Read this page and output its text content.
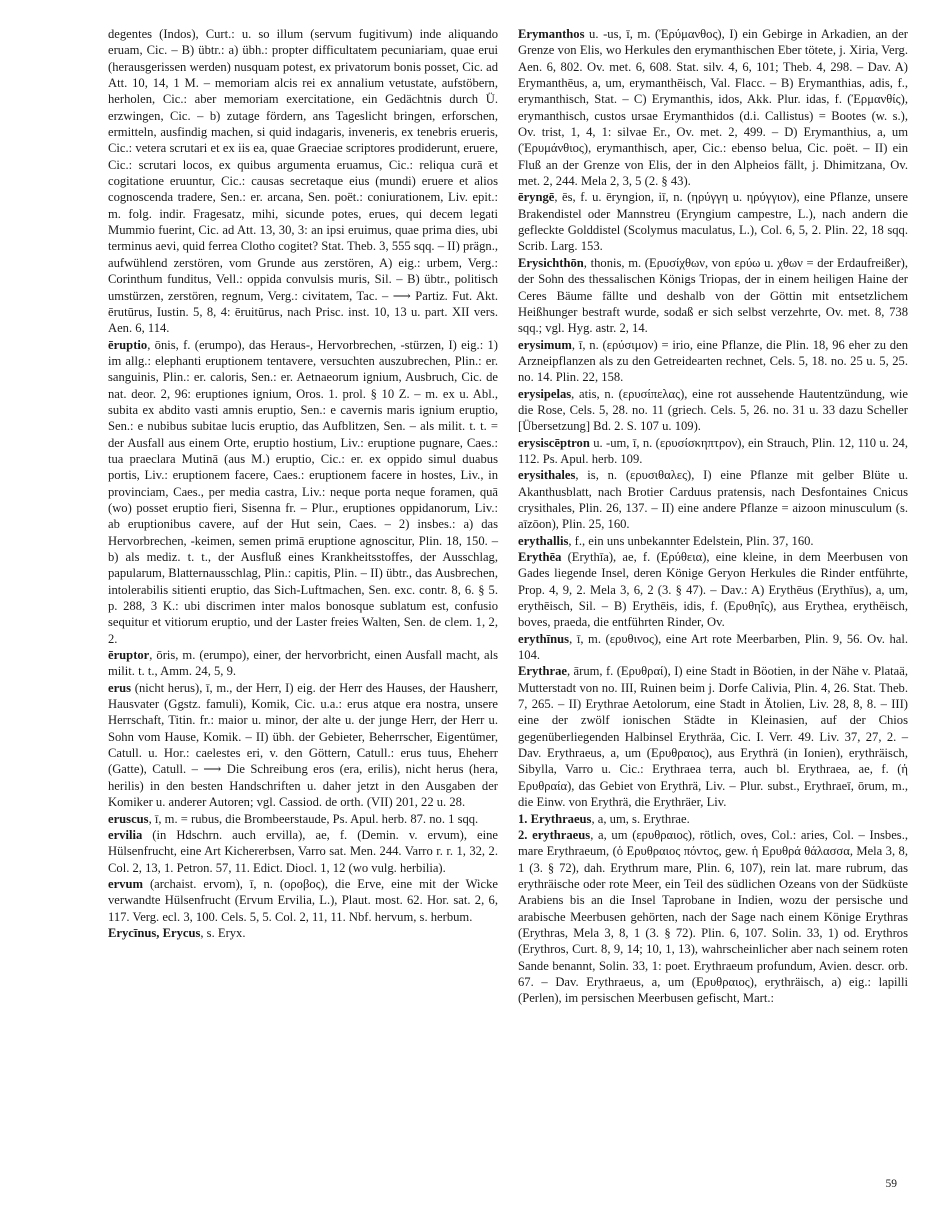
degentes (Indos), Curt.: u. so illum (servum fugitivum) inde aliquando eruam, Cic. – B) übtr.: a) übh.: propter difficultatem pecuniariam, quae erui (herausgerissen werden) nusquam potest, ex privatorum bonis posset, Cic. ad Att. 10, 14, 1 M. – memoriam alcis rei ex annalium vetustate, aufstöbern, herholen, Cic.: aber memoriam exercitatione, ein Gedächtnis durch Ü. erzwingen, Cic. – b) zutage fördern, ans Tageslicht bringen, erforschen, ermitteln, ausfindig machen, si quid indagaris, inveneris, ex tenebris erueris, Cic.: vetera scrutari et ex iis ea, quae Graeciae scriptores prodiderunt, eruere, Cic.: scrutari locos, ex quibus argumenta eruamus, Cic.: reliqua curā et cogitatione eruuntur, Cic.: causas secretaque eius (mundi) eruere et alios cognoscenda tradere, Sen.: er. arcana, Sen. poët.: coniurationem, Liv. epit.: m. folg. indir. Fragesatz, mihi, sicunde potes, erues, qui decem legati Mummio fuerint, Cic. ad Att. 13, 30, 3: an ipsi eruimus, quae prima dies, ubi terminus aevi, quid ferrea Clotho cogitet? Stat. Theb. 3, 555 sqq. – II) prägn., aufwühlend zerstören, vom Grunde aus zerstören, A) eig.: urbem, Verg.: Corinthum funditus, Vell.: oppida convulsis muris, Sil. – B) übtr., politisch umstürzen, zerstören, regnum, Verg.: civitatem, Tac. – ⟶ Partiz. Fut. Akt. ērutūrus, Iustin. 5, 8, 4: ēruitūrus, nach Prisc. inst. 10, 13 u. part. XII vers. Aen. 6, 114.

ēruptio, ōnis, f. (erumpo), das Heraus-, Hervorbrechen, -stürzen, I) eig.: 1) im allg.: elephanti eruptionem tentavere, versuchten auszubrechen, Plin.: er. sanguinis, Plin.: er. caloris, Sen.: er. Aetnaeorum ignium, Ausbruch, Cic. de nat. deor. 2, 96: eruptiones ignium, Oros. 1. prol. § 10 Z. – m. ex u. Abl., subita ex abdito vasti amnis eruptio, Sen.: e cavernis maris ignium eruptio, Sen.: e nubibus subitae lucis eruptio, das Aufblitzen, Sen. – als milit. t. t. = der Ausfall aus einem Orte, eruptio hostium, Liv.: eruptione pugnare, Caes.: tua praeclara Mutinā (aus M.) eruptio, Cic.: er. ex oppido simul duabus portis, Liv.: eruptionem facere, Caes.: eruptionem facere in hostes, Liv., in provinciam, Caes., per media castra, Liv.: neque porta neque foramen, quā (wo) posset eruptio fieri, Sisenna fr. – Plur., eruptiones oppidanorum, Liv.: ab eruptionibus cavere, auf der Hut sein, Caes. – 2) insbes.: a) das Hervorbrechen, -keimen, semen primā eruptione agnoscitur, Plin. 18, 150. – b) als mediz. t. t., der Ausfluß eines Krankheitsstoffes, der Ausschlag, papularum, Blatternausschlag, Plin.: capitis, Plin. – II) übtr., das Ausbrechen, intolerabilis sitienti eruptio, das Sich-Luftmachen, Sen. exc. contr. 8, 6. § 5. p. 288, 3 K.: ubi discrimen inter malos bonosque sublatum est, confusio sequitur et vitiorum eruptio, und der Laster freies Walten, Sen. de clem. 1, 2, 2.

ēruptor, ōris, m. (erumpo), einer, der hervorbricht, einen Ausfall macht, als milit. t. t., Amm. 24, 5, 9.

erus (nicht herus), ī, m., der Herr, I) eig. der Herr des Hauses, der Hausherr, Hausvater (Ggstz. famuli), Komik, Cic. u.a.: erus atque era nostra, unsere Herrschaft, Titin. fr.: maior u. minor, der alte u. der junge Herr, der Herr u. Sohn vom Hause, Komik. – II) übh. der Gebieter, Beherrscher, Eigentümer, Catull. u. Hor.: caelestes eri, v. den Göttern, Catull.: erus tuus, Eheherr (Gatte), Catull. – ⟶ Die Schreibung eros (era, erilis), nicht herus (hera, herilis) in den besten Handschriften u. daher jetzt in den Ausgaben der Komiker u. anderer Autoren; vgl. Cassiod. de orth. (VII) 201, 22 u. 28.

eruscus, ī, m. = rubus, die Brombeerstaude, Ps. Apul. herb. 87. no. 1 sqq.

ervilia (in Hdschrn. auch ervilla), ae, f. (Demin. v. ervum), eine Hülsenfrucht, eine Art Kichererbsen, Varro sat. Men. 244. Varro r. r. 1, 32, 2. Col. 2, 13, 1. Petron. 57, 11. Edict. Diocl. 1, 12 (wo vulg. herbilia).

ervum (archaist. ervom), ī, n. (οροβος), die Erve, eine mit der Wicke verwandte Hülsenfrucht (Ervum Ervilia, L.), Plaut. most. 62. Hor. sat. 2, 6, 117. Verg. ecl. 3, 100. Cels. 5, 5. Col. 2, 11, 11. Nbf. hervum, s. herbum.

Erycīnus, Erycus, s. Eryx.

Erymanthos u. -us, ī, m. (Ἐρύμανθος), I) ein Gebirge in Arkadien, an der Grenze von Elis, wo Herkules den erymanthischen Eber tötete, j. Xiria, Verg. Aen. 6, 802. Ov. met. 6, 608. Stat. silv. 4, 6, 101; Theb. 4, 298. – Dav. A) Erymanthēus, a, um, erymanthēisch, Val. Flacc. – B) Erymanthias, adis, f., erymanthisch, Stat. – C) Erymanthis, idos, Akk. Plur. idas, f. (Ἐρμανθίς), erymanthisch, custos ursae Erymanthidos (d.i. Callistus) = Bootes (w. s.), Ov. trist, 1, 4, 1: silvae Er., Ov. met. 2, 499. – D) Erymanthius, a, um (Ἐρυμάνθιος), erymanthisch, aper, Cic.: ebenso belua, Cic. poët. – II) ein Fluß an der Grenze von Elis, der in den Alpheios fällt, j. Dhimitzana, Ov. met. 2, 244. Mela 2, 3, 5 (2. § 43).

ēryngē, ēs, f. u. ēryngion, iī, n. (ηρύγγη u. ηρύγγιον), eine Pflanze, unsere Brakendistel oder Mannstreu (Eryngium campestre, L.), nach andern die gefleckte Golddistel (Scolymus maculatus, L.), Col. 6, 5, 2. Plin. 22, 18 sqq. Scrib. Larg. 153.

Erysichthōn, thonis, m. (Ερυσίχθων, von ερύω u. χθων = der Erdaufreißer), der Sohn des thessalischen Königs Triopas, der in einem heiligen Haine der Ceres Bäume fällte und deshalb von der Göttin mit entsetzlichem Heißhunger bestraft wurde, sodaß er sich selbst verzehrte, Ov. met. 8, 738 sqq.; vgl. Hyg. astr. 2, 14.

erysimum, ī, n. (ερύσιμον) = irio, eine Pflanze, die Plin. 18, 96 eher zu den Arzneipflanzen als zu den Getreidearten rechnet, Cels. 5, 18. no. 25 u. 5, 25. no. 14. Plin. 22, 158.

erysipelas, atis, n. (ερυσίπελας), eine rot aussehende Hautentzündung, wie die Rose, Cels. 5, 28. no. 11 (griech. Cels. 5, 26. no. 31 u. 33 dazu Scheller [Übersetzung] Bd. 2. S. 107 u. 109).

erysiscēptron u. -um, ī, n. (ερυσίσκηπτρον), ein Strauch, Plin. 12, 110 u. 24, 112. Ps. Apul. herb. 109.

erysithales, is, n. (ερυσιθαλες), I) eine Pflanze mit gelber Blüte u. Akanthusblatt, nach Brotier Carduus pratensis, nach Desfontaines Cnicus crysithales, Plin. 26, 137. – II) eine andere Pflanze = aizoon minusculum (s. aīzōon), Plin. 25, 160.

erythallis, f., ein uns unbekannter Edelstein, Plin. 37, 160.

Erythēa (Erythīa), ae, f. (Ερύθεια), eine kleine, in dem Meerbusen von Gades liegende Insel, deren Könige Geryon Herkules die Rinder entführte, Prop. 4, 9, 2. Mela 3, 6, 2 (3. § 47). – Dav.: A) Erythēus (Erythīus), a, um, erythēisch, Sil. – B) Erythēis, idis, f. (Ερυθηΐς), aus Erythea, erythēisch, boves, praeda, die entführten Rinder, Ov.

erythīnus, ī, m. (ερυθινος), eine Art rote Meerbarben, Plin. 9, 56. Ov. hal. 104.

Erythrae, ārum, f. (Ερυθραί), I) eine Stadt in Böotien, in der Nähe v. Plataä, Mutterstadt von no. III, Ruinen beim j. Dorfe Calivia, Plin. 4, 26. Stat. Theb. 7, 265. – II) Erythrae Aetolorum, eine Stadt in Ätolien, Liv. 28, 8, 8. – III) eine der zwölf ionischen Städte in Kleinasien, auf der Chios gegenüberliegenden Halbinsel Erythräa, Cic. I. Verr. 49. Liv. 37, 27, 2. – Dav. Erythraeus, a, um (Ερυθραιος), aus Erythrä (in Ionien), erythräisch, Sibylla, Varro u. Cic.: Erythraea terra, auch bl. Erythraea, ae, f. (ἡ Ερυθραία), das Gebiet von Erythrä, Liv. – Plur. subst., Erythraeī, ōrum, m., die Einw. von Erythrä, die Erythräer, Liv.

1. Erythraeus, a, um, s. Erythrae.

2. erythraeus, a, um (ερυθραιος), rötlich, oves, Col.: aries, Col. – Insbes., mare Erythraeum, (ὁ Ερυθραιος πόντος, gew. ἡ Ερυθρά θάλασσα, Mela 3, 8, 1 (3. § 72), dah. Erythrum mare, Plin. 6, 107), rein lat. mare rubrum, das erythräische oder rote Meer, ein Teil des südlichen Ozeans von der Südküste Arabiens bis an die Insel Taprobane in Indien, wozu der persische und arabische Meerbusen gehörten, nach der Sage nach einem Könige Erythras (Erythras, Mela 3, 8, 1 (3. § 72). Plin. 6, 107. Solin. 33, 1) od. Erythros (Erythros, Curt. 8, 9, 14; 10, 1, 13), wahrscheinlicher aber nach seinem roten Sande benannt, Solin. 33, 1: poet. Erythraeum profundum, Avien. descr. orb. 67. – Dav. Erythraeus, a, um (Ερυθραιος), erythräisch, a) eig.: lapilli (Perlen), im persischen Meerbusen gefischt, Mart.:

59
